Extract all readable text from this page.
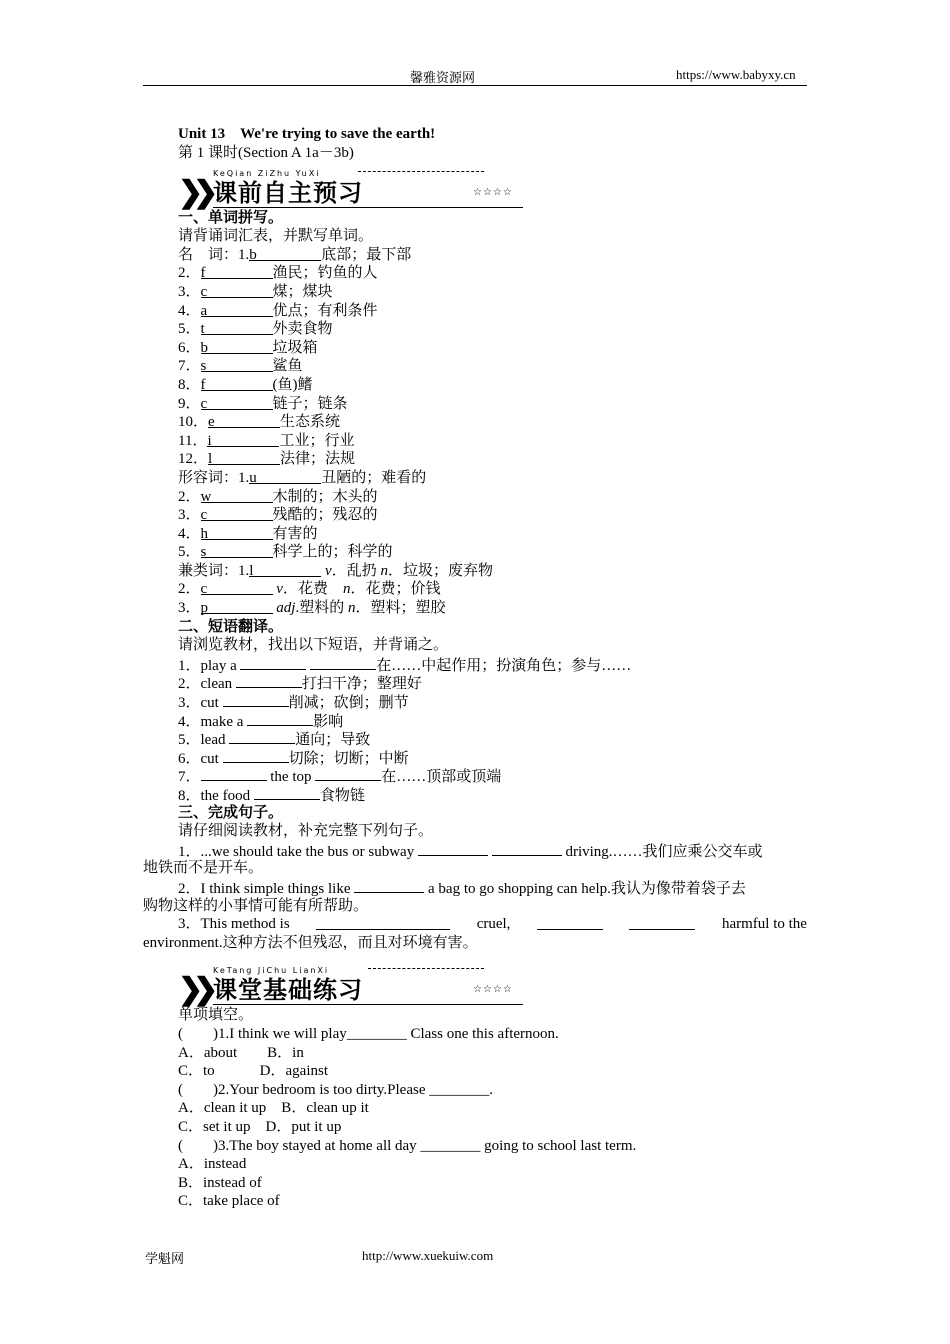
馨雅资源网	https://www.babyxy.cn
Unit 13　We're trying to save the earth!
第 1 课时(Section A 1a－3b)
❯❯
KeQian ZiZhu YuXi
课前自主预习	☆☆☆☆
一、单词拼写。
请背诵词汇表，并默写单词。
名　词：1.b	底部；最下部
2．f	渔民；钓鱼的人
3．c	煤；煤块
4．a	优点；有利条件
5．t	外卖食物
6．b	垃圾箱
7．s	鲨鱼
8．f	(鱼)鳍
9．c	链子；链条
10．e	生态系统
11．i	工业；行业
12．l	法律；法规
形容词：1.u	丑陋的；难看的
2．w	木制的；木头的
3．c	残酷的；残忍的
4．h	有害的
5．s	科学上的；科学的
兼类词：1.l	v．乱扔 n．垃圾；废弃物
2．c	v．花费　n．花费；价钱
3．p	adj.塑料的 n．塑料；塑胶
二、短语翻译。
请浏览教材，找出以下短语，并背诵之。
1．play a	在……中起作用；扮演角色；参与……
2．clean	打扫干净；整理好
3．cut	削减；砍倒；删节
4．make a	影响
5．lead	通向；导致
6．cut	切除；切断；中断
7．	the top	在……顶部或顶端
8．the food	食物链
三、完成句子。
请仔细阅读教材，补充完整下列句子。
1．...we should take the bus or subway	driving.……我们应乘公交车或
地铁而不是开车。
2．I think simple things like	a bag to go shopping can help.我认为像带着袋子去
购物这样的小事情可能有所帮助。
3．This method is	cruel,	harmful to the
environment.这种方法不但残忍，而且对环境有害。
❯❯
KeTang JiChu LianXi
课堂基础练习	☆☆☆☆
单项填空。
(　　)1.I think we will play________ Class one this afternoon.
A．about　　B．in
C．to　　　D．against
(　　)2.Your bedroom is too dirty.Please ________.
A．clean it up　B．clean up it
C．set it up　D．put it up
(　　)3.The boy stayed at home all day ________ going to school last term.
A．instead
B．instead of
C．take place of
学魁网	http://www.xuekuiw.com
